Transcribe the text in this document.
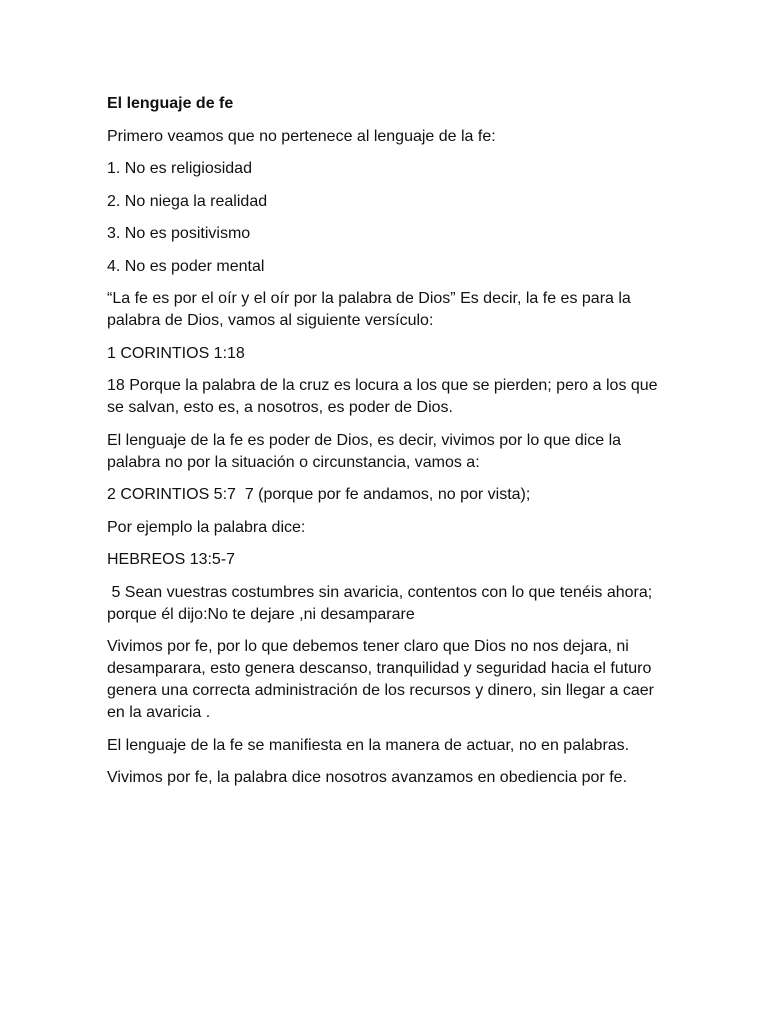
El lenguaje de fe

Primero veamos que no pertenece al lenguaje de la fe:

1. No es religiosidad

2. No niega la realidad

3. No es positivismo

4. No es poder mental

“La fe es por el oír y el oír por la palabra de Dios” Es decir, la fe es para la palabra de Dios, vamos al siguiente versículo:

1 CORINTIOS 1:18

18 Porque la palabra de la cruz es locura a los que se pierden; pero a los que se salvan, esto es, a nosotros, es poder de Dios.

El lenguaje de la fe es poder de Dios, es decir, vivimos por lo que dice la palabra no por la situación o circunstancia, vamos a:

2 CORINTIOS 5:7  7 (porque por fe andamos, no por vista);

Por ejemplo la palabra dice:

HEBREOS 13:5-7

5 Sean vuestras costumbres sin avaricia, contentos con lo que tenéis ahora; porque él dijo:No te dejare ,ni desamparare

Vivimos por fe, por lo que debemos tener claro que Dios no nos dejara, ni desamparara, esto genera descanso, tranquilidad y seguridad hacia el futuro genera una correcta administración de los recursos y dinero, sin llegar a caer en la avaricia .

El lenguaje de la fe se manifiesta en la manera de actuar, no en palabras.

Vivimos por fe, la palabra dice nosotros avanzamos en obediencia por fe.
